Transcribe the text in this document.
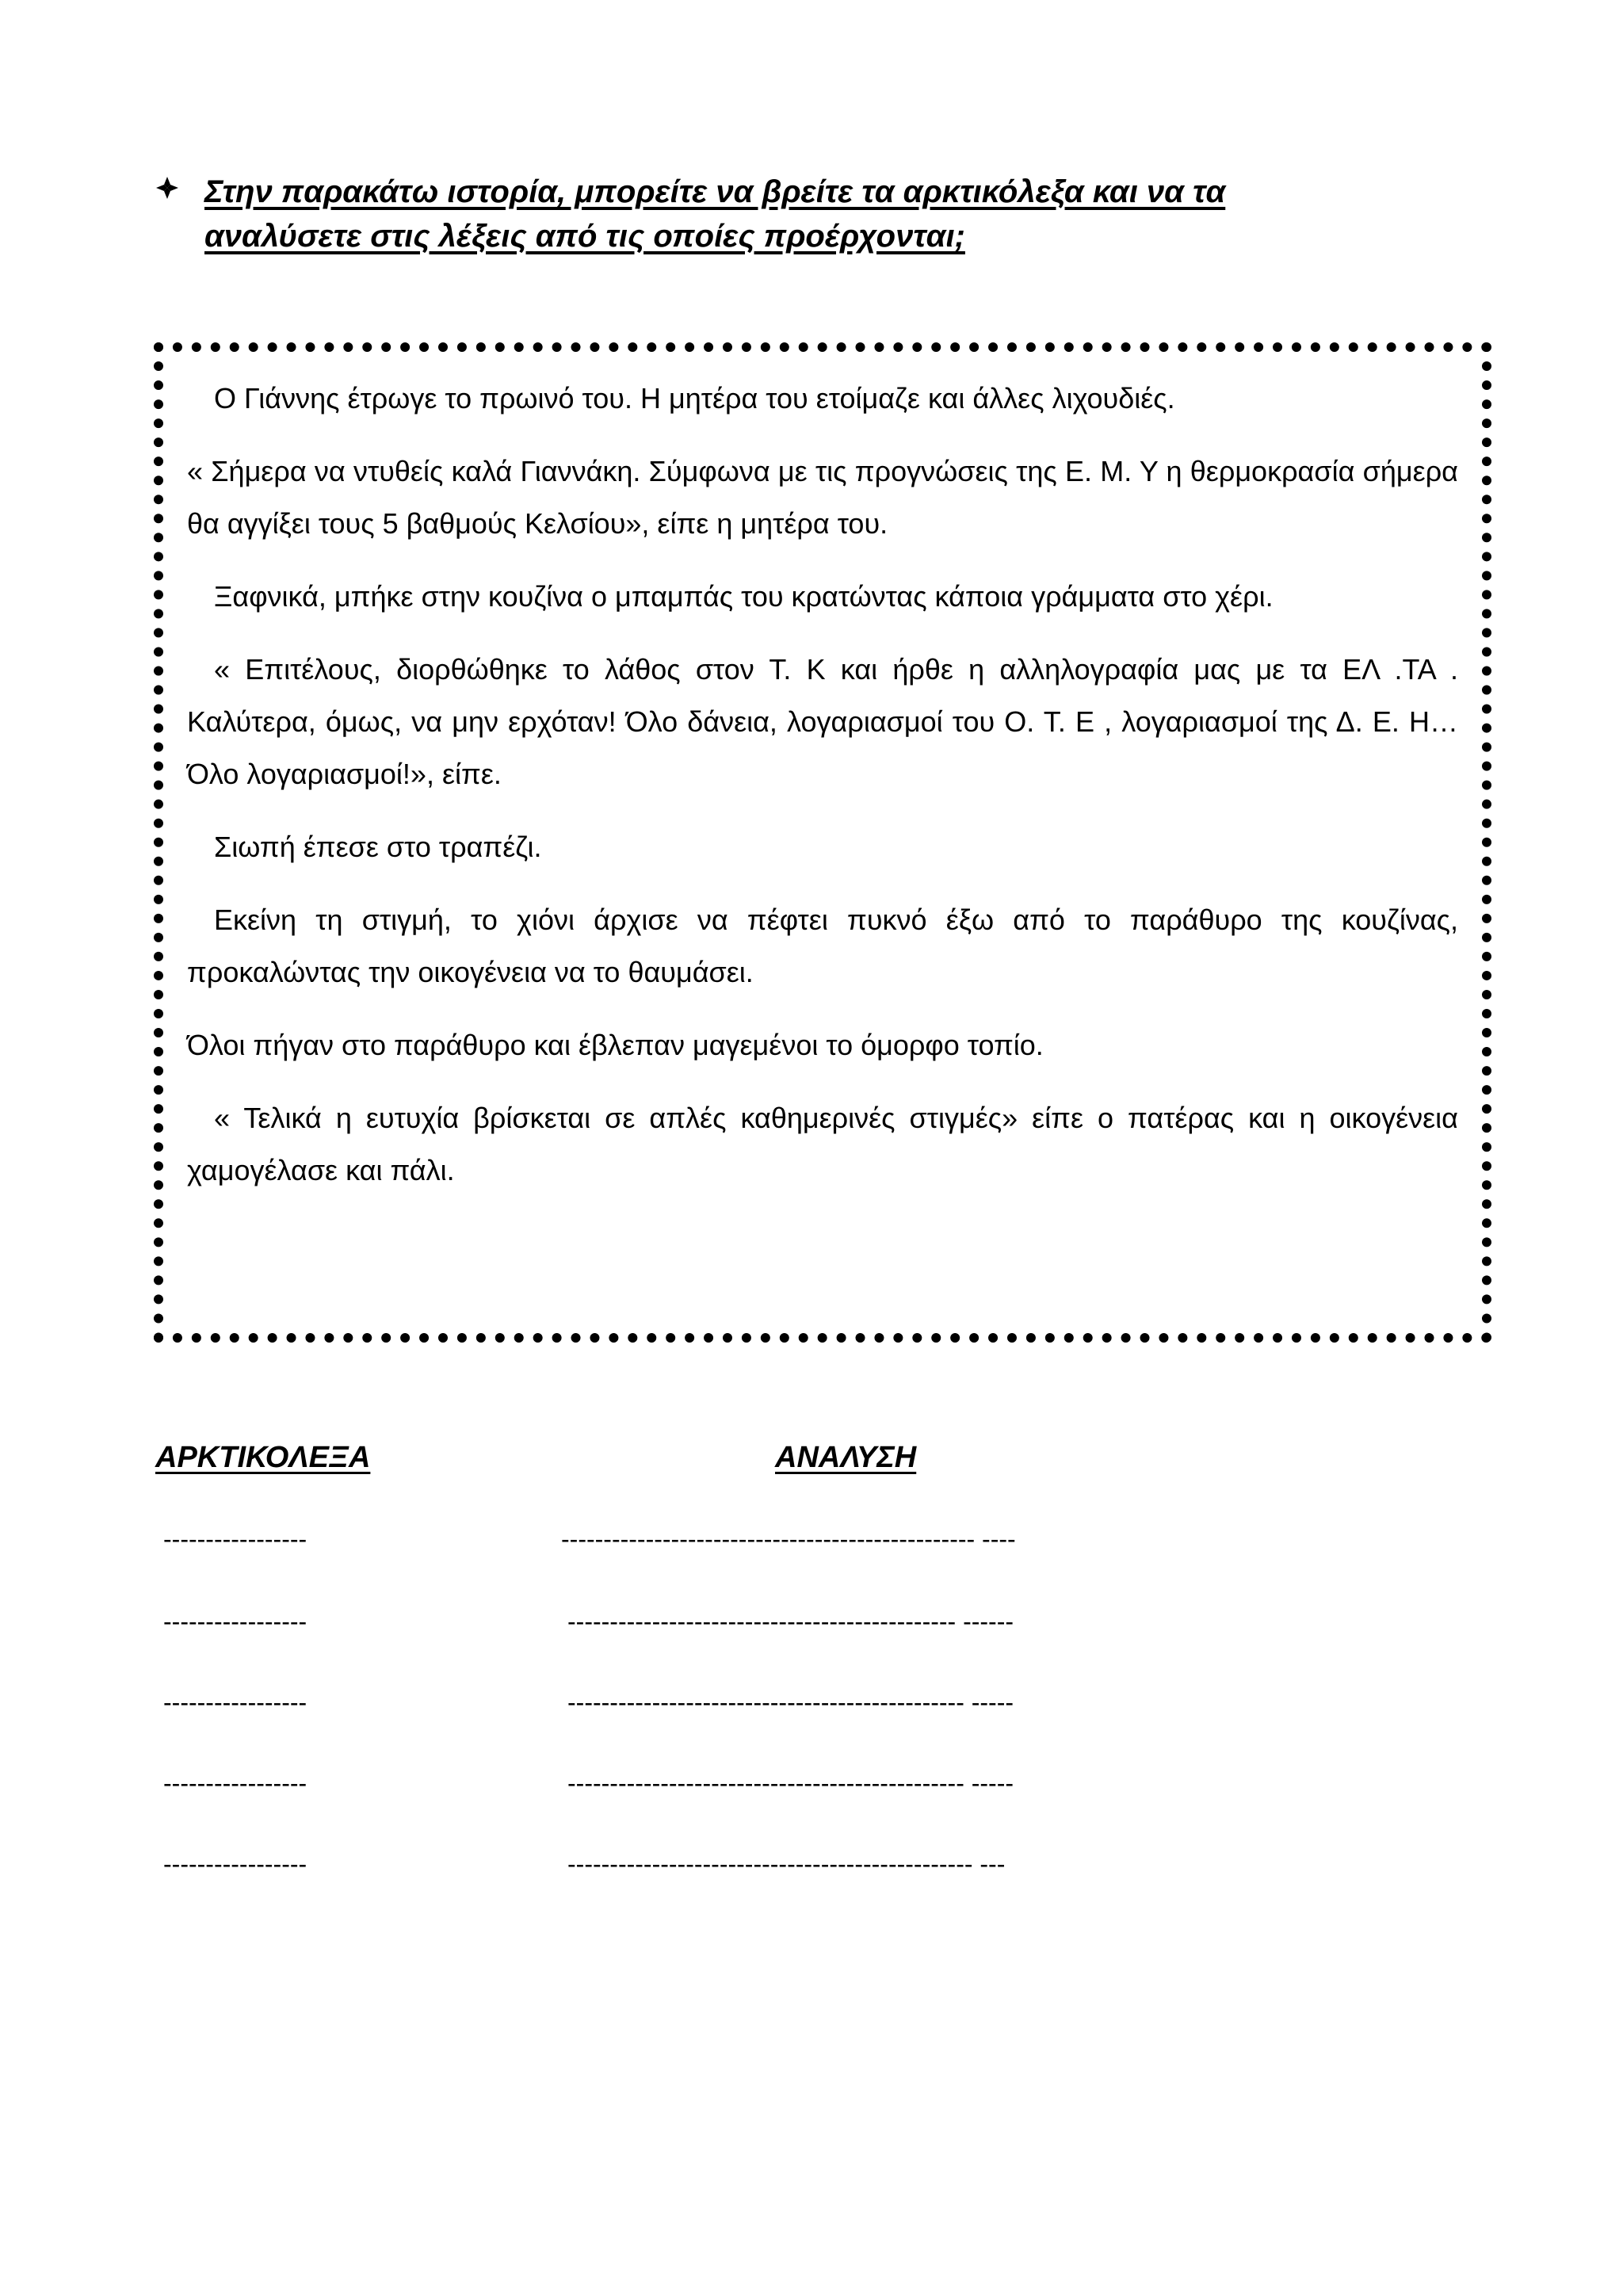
Στην παρακάτω ιστορία, μπορείτε να βρείτε τα αρκτικόλεξα και να τα αναλύσετε στις λέξεις από τις οποίες προέρχονται;

Ο Γιάννης έτρωγε το πρωινό του. Η μητέρα του ετοίμαζε και άλλες λιχουδιές.

« Σήμερα να ντυθείς καλά Γιαννάκη. Σύμφωνα με τις προγνώσεις της Ε. Μ. Υ η θερμοκρασία σήμερα θα αγγίξει τους 5 βαθμούς Κελσίου», είπε η μητέρα του.

Ξαφνικά, μπήκε στην κουζίνα ο μπαμπάς του κρατώντας κάποια γράμματα στο χέρι.

« Επιτέλους, διορθώθηκε το λάθος στον Τ. Κ και ήρθε η αλληλογραφία μας με τα ΕΛ .ΤΑ . Καλύτερα, όμως, να μην ερχόταν! Όλο δάνεια, λογαριασμοί του Ο. Τ. Ε , λογαριασμοί της Δ. Ε. Η… Όλο λογαριασμοί!», είπε.

Σιωπή έπεσε στο τραπέζι.

Εκείνη τη στιγμή, το χιόνι άρχισε να πέφτει πυκνό έξω από το παράθυρο της κουζίνας, προκαλώντας την οικογένεια να το θαυμάσει.

Όλοι πήγαν στο παράθυρο και έβλεπαν μαγεμένοι το όμορφο τοπίο.

« Τελικά η ευτυχία βρίσκεται σε απλές καθημερινές στιγμές» είπε ο πατέρας και η οικογένεια χαμογέλασε και πάλι.

ΑΡΚΤΙΚΟΛΕΞΑ	ΑΝΑΛΥΣΗ
-----------------	------------------------------------------------- ----
-----------------	---------------------------------------------- ------
-----------------	----------------------------------------------- -----
-----------------	----------------------------------------------- -----
-----------------	------------------------------------------------ ---
